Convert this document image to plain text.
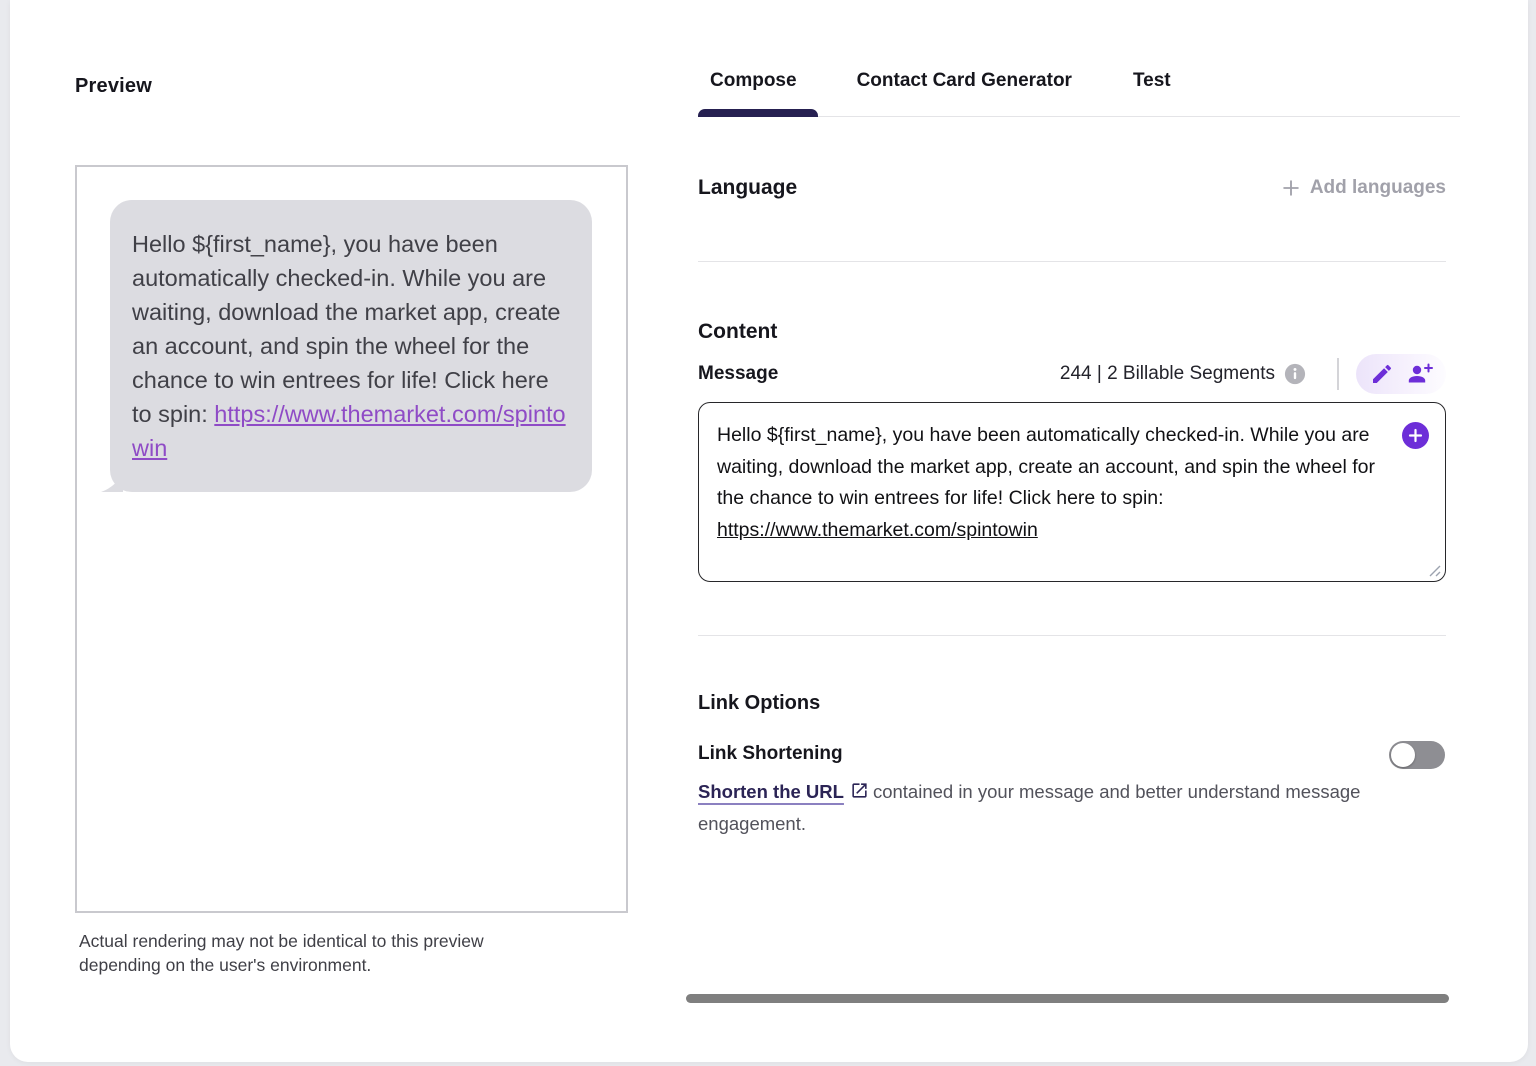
Preview
Hello ${first_name}, you have been automatically checked-in. While you are waiting, download the market app, create an account, and spin the wheel for the chance to win entrees for life! Click here to spin: https://www.themarket.com/spintowin
Actual rendering may not be identical to this preview depending on the user's environment.
Compose	Contact Card Generator	Test
Language	Add languages
Content
Message	244 | 2 Billable Segments
Hello ${first_name}, you have been automatically checked-in. While you are waiting, download the market app, create an account, and spin the wheel for the chance to win entrees for life! Click here to spin: https://www.themarket.com/spintowin
Link Options
Link Shortening
Shorten the URL contained in your message and better understand message engagement.
